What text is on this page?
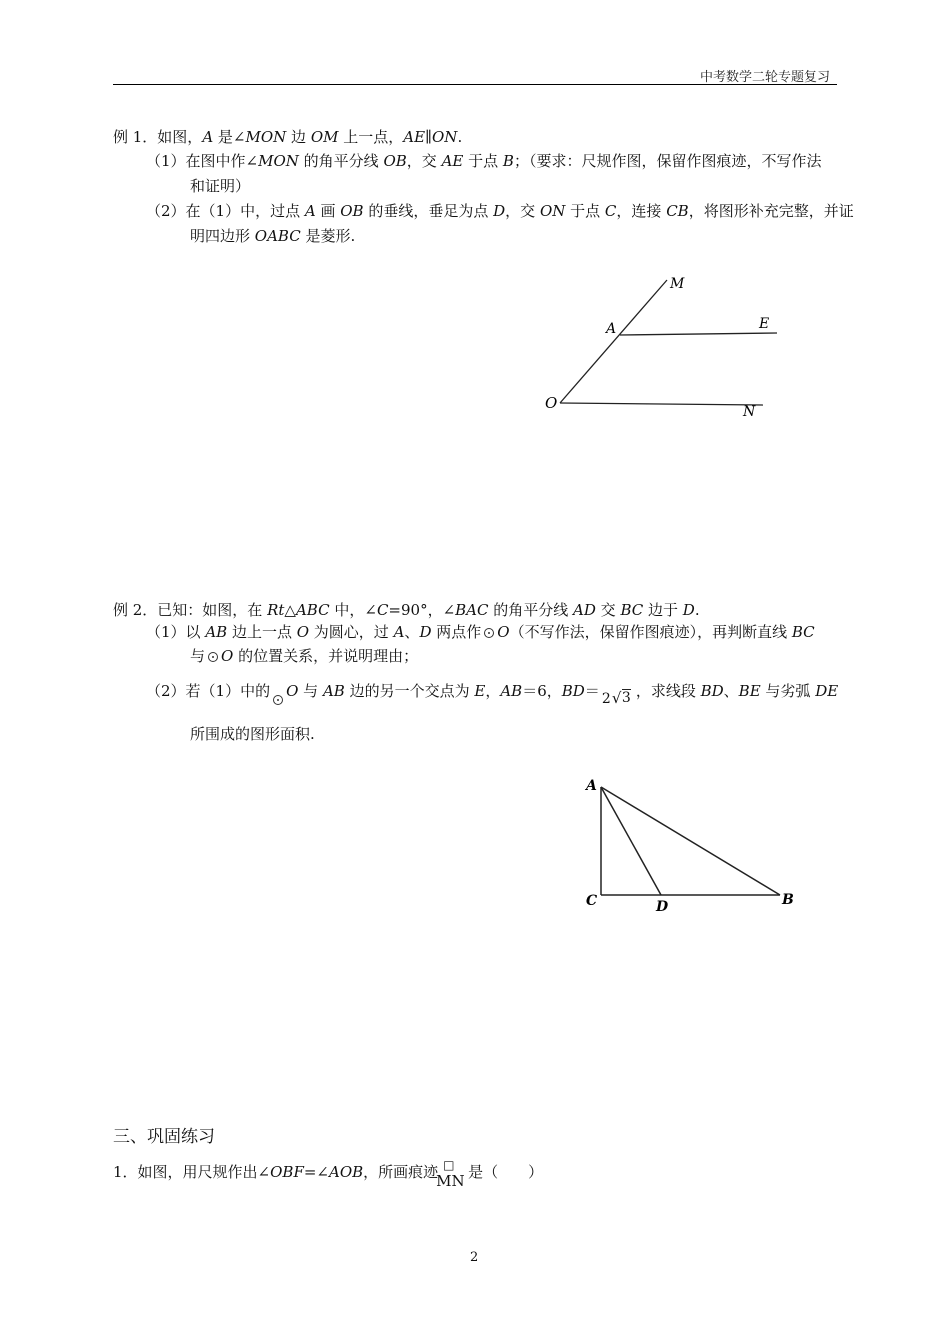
中考数学二轮专题复习
例 1．如图，A 是∠MON 边 OM 上一点，AE∥ON.
（1）在图中作∠MON 的角平分线 OB，交 AE 于点 B；（要求：尺规作图，保留作图痕迹，不写作法
和证明）
（2）在（1）中，过点 A 画 OB 的垂线，垂足为点 D，交 ON 于点 C，连接 CB，将图形补充完整，并证
明四边形 OABC 是菱形.
M
A	E
O	N
例 2．已知：如图，在 Rt△ABC 中，∠C=90°，∠BAC 的角平分线 AD 交 BC 边于 D.
（1）以 AB 边上一点 O 为圆心，过 A、D 两点作 O（不写作法，保留作图痕迹），再判断直线 BC
与 O 的位置关系，并说明理由；
（2）若（1）中的 O 与 AB 边的另一个交点为 E，AB＝6，BD＝ 2 √ 3 ，求线段 BD、BE 与劣弧 DE
所围成的图形面积.
A
C	D	B
三、巩固练习
1．如图，用尺规作出∠OBF=∠AOB，所画痕迹 □
MN 是（　　）
2
